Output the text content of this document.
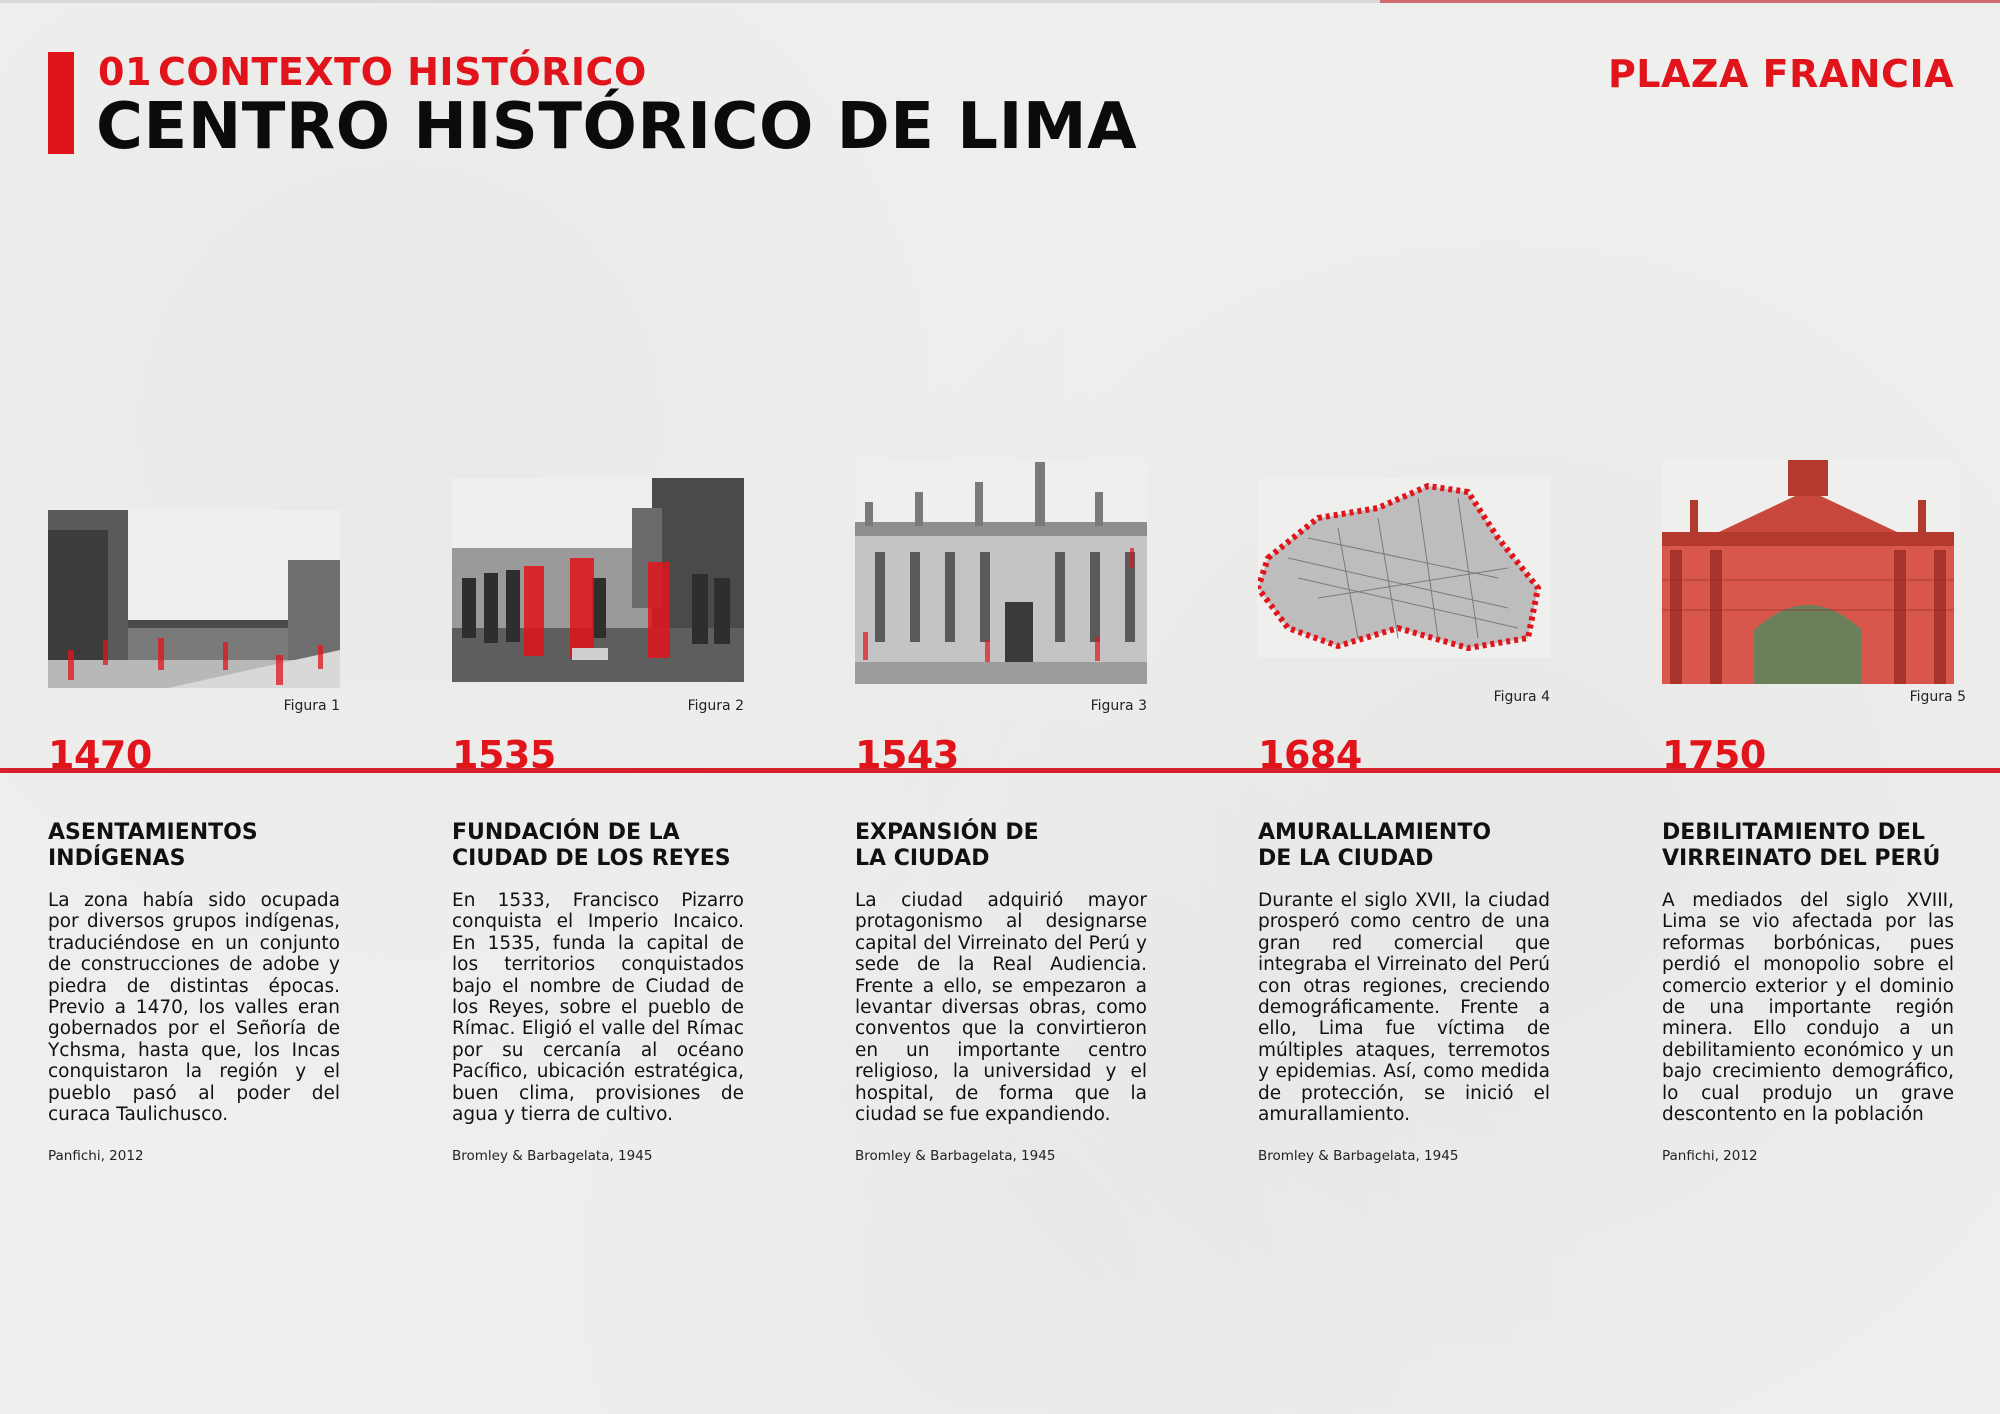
01 CONTEXTO HISTÓRICO
CENTRO HISTÓRICO DE LIMA
PLAZA FRANCIA
Figura 1
1470
ASENTAMIENTOS
INDÍGENAS
La zona había sido ocupada por diversos grupos indígenas, traduciéndose en un conjunto de construcciones de adobe y piedra de distintas épocas. Previo a 1470, los valles eran gobernados por el Señoría de Ychsma, hasta que, los Incas conquistaron la región y el pueblo pasó al poder del curaca Taulichusco.
Panfichi, 2012
Figura 2
1535
FUNDACIÓN DE LA
CIUDAD DE LOS REYES
En 1533, Francisco Pizarro conquista el Imperio Incaico. En 1535, funda la capital de los territorios conquistados bajo el nombre de Ciudad de los Reyes, sobre el pueblo de Rímac. Eligió el valle del Rímac por su cercanía al océano Pacífico, ubicación estratégica, buen clima, provisiones de agua y tierra de cultivo.
Bromley & Barbagelata, 1945
Figura 3
1543
EXPANSIÓN DE
LA CIUDAD
La ciudad adquirió mayor protagonismo al designarse capital del Virreinato del Perú y sede de la Real Audiencia. Frente a ello, se empezaron a levantar diversas obras, como conventos que la convirtieron en un importante centro religioso, la universidad y el hospital, de forma que la ciudad se fue expandiendo.
Bromley & Barbagelata, 1945
Figura 4
1684
AMURALLAMIENTO
DE LA CIUDAD
Durante el siglo XVII, la ciudad prosperó como centro de una gran red comercial que integraba el Virreinato del Perú con otras regiones, creciendo demográficamente. Frente a ello, Lima fue víctima de múltiples ataques, terremotos y epidemias. Así, como medida de protección, se inició el amurallamiento.
Bromley & Barbagelata, 1945
Figura 5
1750
DEBILITAMIENTO DEL
VIRREINATO DEL PERÚ
A mediados del siglo XVIII, Lima se vio afectada por las reformas borbónicas, pues perdió el monopolio sobre el comercio exterior y el dominio de una importante región minera. Ello condujo a un debilitamiento económico y un bajo crecimiento demográfico, lo cual produjo un grave descontento en la población
Panfichi, 2012
